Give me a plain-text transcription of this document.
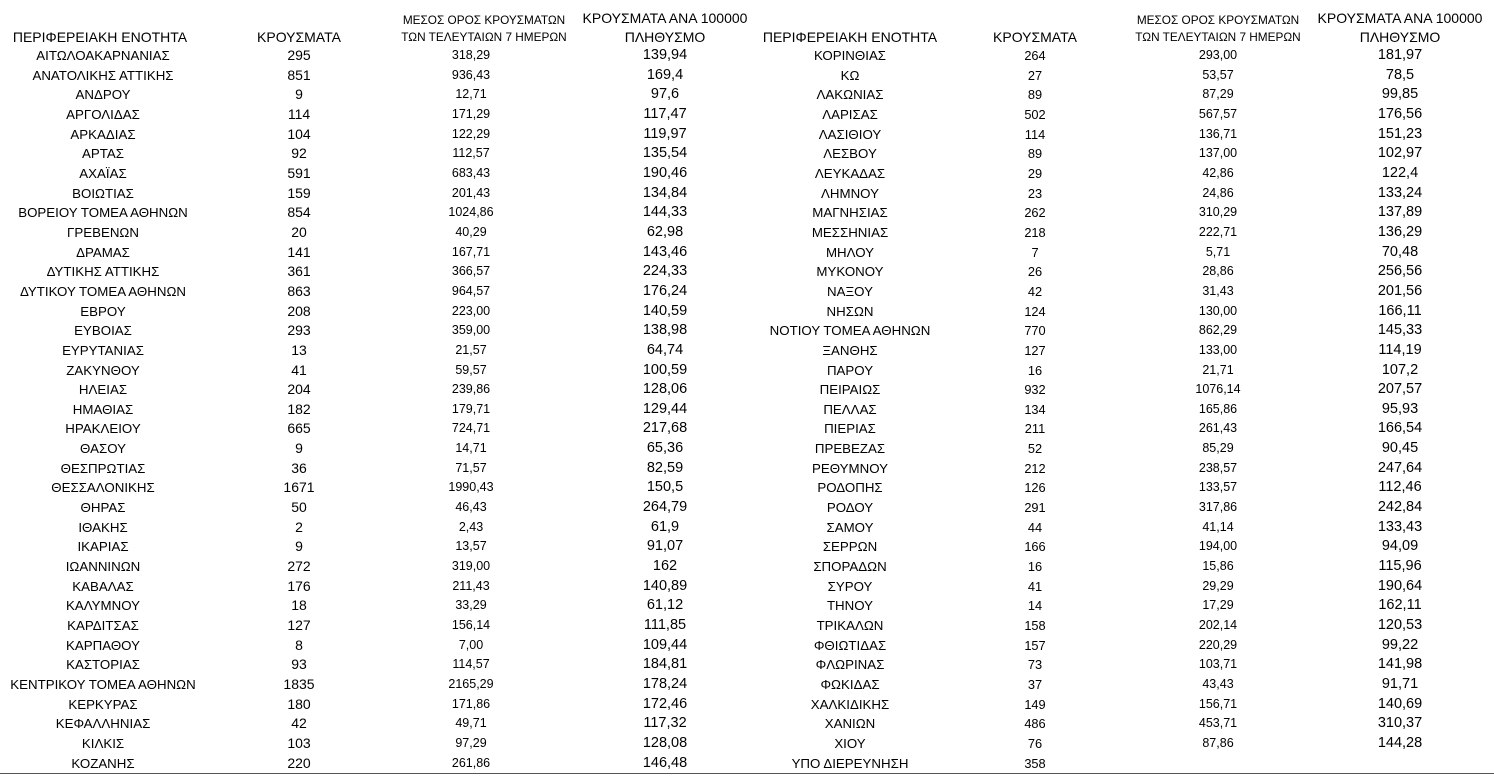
ΠΕΡΙΦΕΡΕΙΑΚΗ ΕΝΟΤΗΤΑ	ΚΡΟΥΣΜΑΤΑ
ΜΕΣΟΣ ΟΡΟΣ ΚΡΟΥΣΜΑΤΩΝ
ΤΩΝ ΤΕΛΕΥΤΑΙΩΝ 7 ΗΜΕΡΩΝ
ΚΡΟΥΣΜΑΤΑ ΑΝΑ 100000
ΠΛΗΘΥΣΜΟ
ΑΙΤΩΛΟΑΚΑΡΝΑΝΙΑΣ	295	318,29	139,94
ΑΝΑΤΟΛΙΚΗΣ ΑΤΤΙΚΗΣ	851	936,43	169,4
ΑΝΔΡΟΥ	9	12,71	97,6
ΑΡΓΟΛΙΔΑΣ	114	171,29	117,47
ΑΡΚΑΔΙΑΣ	104	122,29	119,97
ΑΡΤΑΣ	92	112,57	135,54
ΑΧΑΪΑΣ	591	683,43	190,46
ΒΟΙΩΤΙΑΣ	159	201,43	134,84
ΒΟΡΕΙΟΥ ΤΟΜΕΑ ΑΘΗΝΩΝ	854	1024,86	144,33
ΓΡΕΒΕΝΩΝ	20	40,29	62,98
ΔΡΑΜΑΣ	141	167,71	143,46
ΔΥΤΙΚΗΣ ΑΤΤΙΚΗΣ	361	366,57	224,33
ΔΥΤΙΚΟΥ ΤΟΜΕΑ ΑΘΗΝΩΝ	863	964,57	176,24
ΕΒΡΟΥ	208	223,00	140,59
ΕΥΒΟΙΑΣ	293	359,00	138,98
ΕΥΡΥΤΑΝΙΑΣ	13	21,57	64,74
ΖΑΚΥΝΘΟΥ	41	59,57	100,59
ΗΛΕΙΑΣ	204	239,86	128,06
ΗΜΑΘΙΑΣ	182	179,71	129,44
ΗΡΑΚΛΕΙΟΥ	665	724,71	217,68
ΘΑΣΟΥ	9	14,71	65,36
ΘΕΣΠΡΩΤΙΑΣ	36	71,57	82,59
ΘΕΣΣΑΛΟΝΙΚΗΣ	1671	1990,43	150,5
ΘΗΡΑΣ	50	46,43	264,79
ΙΘΑΚΗΣ	2	2,43	61,9
ΙΚΑΡΙΑΣ	9	13,57	91,07
ΙΩΑΝΝΙΝΩΝ	272	319,00	162
ΚΑΒΑΛΑΣ	176	211,43	140,89
ΚΑΛΥΜΝΟΥ	18	33,29	61,12
ΚΑΡΔΙΤΣΑΣ	127	156,14	111,85
ΚΑΡΠΑΘΟΥ	8	7,00	109,44
ΚΑΣΤΟΡΙΑΣ	93	114,57	184,81
ΚΕΝΤΡΙΚΟΥ ΤΟΜΕΑ ΑΘΗΝΩΝ	1835	2165,29	178,24
ΚΕΡΚΥΡΑΣ	180	171,86	172,46
ΚΕΦΑΛΛΗΝΙΑΣ	42	49,71	117,32
ΚΙΛΚΙΣ	103	97,29	128,08
ΚΟΖΑΝΗΣ	220	261,86	146,48
ΠΕΡΙΦΕΡΕΙΑΚΗ ΕΝΟΤΗΤΑ	ΚΡΟΥΣΜΑΤΑ
ΜΕΣΟΣ ΟΡΟΣ ΚΡΟΥΣΜΑΤΩΝ
ΤΩΝ ΤΕΛΕΥΤΑΙΩΝ 7 ΗΜΕΡΩΝ
ΚΡΟΥΣΜΑΤΑ ΑΝΑ 100000
ΠΛΗΘΥΣΜΟ
ΚΟΡΙΝΘΙΑΣ	264	293,00	181,97
ΚΩ	27	53,57	78,5
ΛΑΚΩΝΙΑΣ	89	87,29	99,85
ΛΑΡΙΣΑΣ	502	567,57	176,56
ΛΑΣΙΘΙΟΥ	114	136,71	151,23
ΛΕΣΒΟΥ	89	137,00	102,97
ΛΕΥΚΑΔΑΣ	29	42,86	122,4
ΛΗΜΝΟΥ	23	24,86	133,24
ΜΑΓΝΗΣΙΑΣ	262	310,29	137,89
ΜΕΣΣΗΝΙΑΣ	218	222,71	136,29
ΜΗΛΟΥ	7	5,71	70,48
ΜΥΚΟΝΟΥ	26	28,86	256,56
ΝΑΞΟΥ	42	31,43	201,56
ΝΗΣΩΝ	124	130,00	166,11
ΝΟΤΙΟΥ ΤΟΜΕΑ ΑΘΗΝΩΝ	770	862,29	145,33
ΞΑΝΘΗΣ	127	133,00	114,19
ΠΑΡΟΥ	16	21,71	107,2
ΠΕΙΡΑΙΩΣ	932	1076,14	207,57
ΠΕΛΛΑΣ	134	165,86	95,93
ΠΙΕΡΙΑΣ	211	261,43	166,54
ΠΡΕΒΕΖΑΣ	52	85,29	90,45
ΡΕΘΥΜΝΟΥ	212	238,57	247,64
ΡΟΔΟΠΗΣ	126	133,57	112,46
ΡΟΔΟΥ	291	317,86	242,84
ΣΑΜΟΥ	44	41,14	133,43
ΣΕΡΡΩΝ	166	194,00	94,09
ΣΠΟΡΑΔΩΝ	16	15,86	115,96
ΣΥΡΟΥ	41	29,29	190,64
ΤΗΝΟΥ	14	17,29	162,11
ΤΡΙΚΑΛΩΝ	158	202,14	120,53
ΦΘΙΩΤΙΔΑΣ	157	220,29	99,22
ΦΛΩΡΙΝΑΣ	73	103,71	141,98
ΦΩΚΙΔΑΣ	37	43,43	91,71
ΧΑΛΚΙΔΙΚΗΣ	149	156,71	140,69
ΧΑΝΙΩΝ	486	453,71	310,37
ΧΙΟΥ	76	87,86	144,28
ΥΠΟ ΔΙΕΡΕΥΝΗΣΗ	358
